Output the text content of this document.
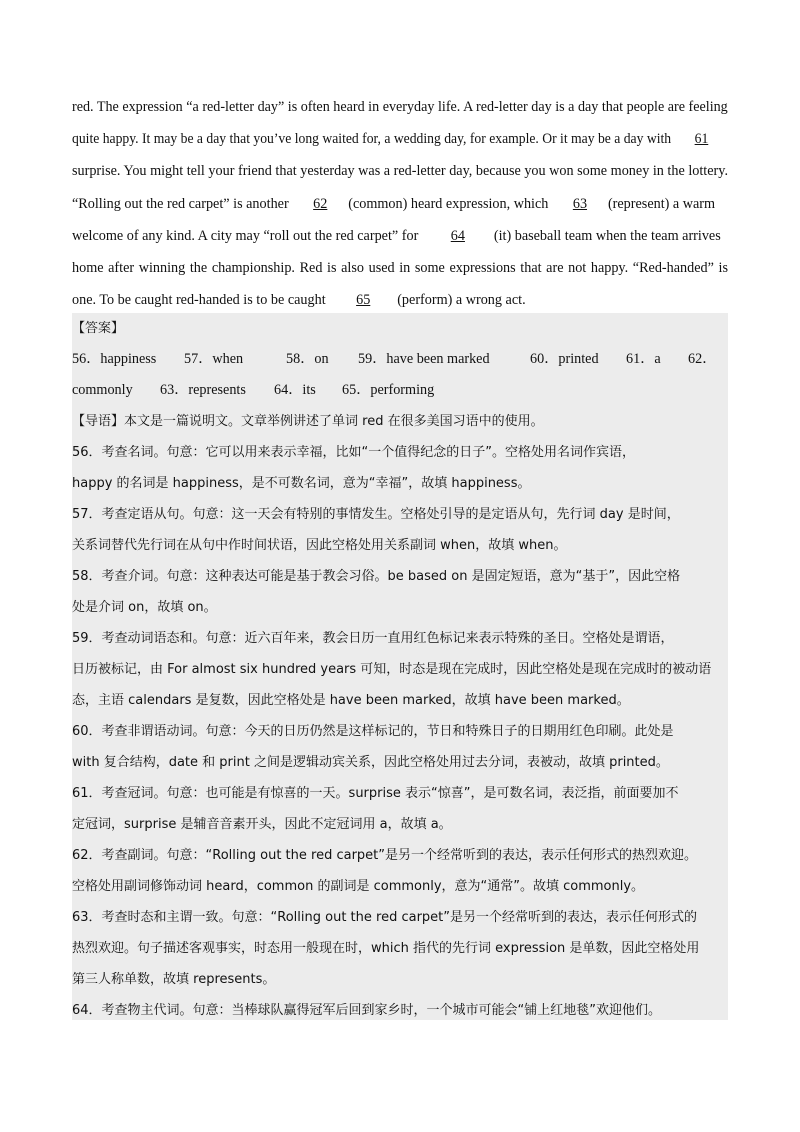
red. The expression “a red-letter day” is often heard in everyday life. A red-letter day is a day that people are feeling
quite happy. It may be a day that you’ve long waited for, a wedding day, for example. Or it may be a day with 61
surprise. You might tell your friend that yesterday was a red-letter day, because you won some money in the lottery.
“Rolling out the red carpet” is another 62 (common) heard expression, which 63 (represent) a warm
welcome of any kind. A city may “roll out the red carpet” for 64 (it) baseball team when the team arrives
home after winning the championship. Red is also used in some expressions that are not happy. “Red-handed” is
one. To be caught red-handed is to be caught 65 (perform) a wrong act.
【答案】
56．happiness 57．when	58．on 59．have been marked	60．printed 61．a 62．
commonly 63．represents 64．its 65．performing
【导语】本文是一篇说明文。文章举例讲述了单词 red 在很多美国习语中的使用。
56．考查名词。句意：它可以用来表示幸福，比如“一个值得纪念的日子”。空格处用名词作宾语，
happy 的名词是 happiness，是不可数名词，意为“幸福”，故填 happiness。
57．考查定语从句。句意：这一天会有特别的事情发生。空格处引导的是定语从句，先行词 day 是时间，
关系词替代先行词在从句中作时间状语，因此空格处用关系副词 when，故填 when。
58．考查介词。句意：这种表达可能是基于教会习俗。be based on 是固定短语，意为“基于”，因此空格
处是介词 on，故填 on。
59．考查动词语态和。句意：近六百年来，教会日历一直用红色标记来表示特殊的圣日。空格处是谓语，
日历被标记，由 For almost six hundred years 可知，时态是现在完成时，因此空格处是现在完成时的被动语
态，主语 calendars 是复数，因此空格处是 have been marked，故填 have been marked。
60．考查非谓语动词。句意：今天的日历仍然是这样标记的，节日和特殊日子的日期用红色印刷。此处是
with 复合结构，date 和 print 之间是逻辑动宾关系，因此空格处用过去分词，表被动，故填 printed。
61．考查冠词。句意：也可能是有惊喜的一天。surprise 表示“惊喜”，是可数名词，表泛指，前面要加不
定冠词，surprise 是辅音音素开头，因此不定冠词用 a，故填 a。
62．考查副词。句意：“Rolling out the red carpet”是另一个经常听到的表达，表示任何形式的热烈欢迎。
空格处用副词修饰动词 heard，common 的副词是 commonly，意为“通常”。故填 commonly。
63．考查时态和主谓一致。句意：“Rolling out the red carpet”是另一个经常听到的表达，表示任何形式的
热烈欢迎。句子描述客观事实，时态用一般现在时，which 指代的先行词 expression 是单数，因此空格处用
第三人称单数，故填 represents。
64．考查物主代词。句意：当棒球队赢得冠军后回到家乡时，一个城市可能会“铺上红地毯”欢迎他们。
